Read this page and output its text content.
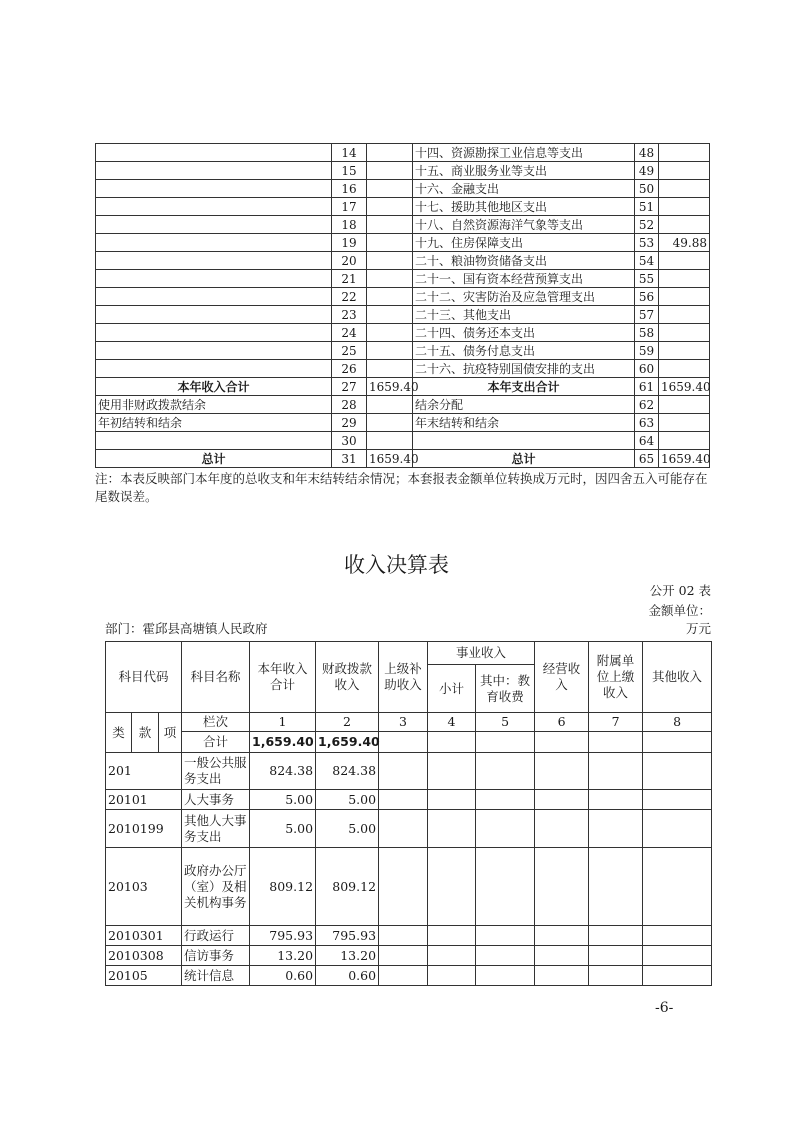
	14		十四、资源勘探工业信息等支出	48	
	15		十五、商业服务业等支出	49	
	16		十六、金融支出	50	
	17		十七、援助其他地区支出	51	
	18		十八、自然资源海洋气象等支出	52	
	19		十九、住房保障支出	53	49.88
	20		二十、粮油物资储备支出	54	
	21		二十一、国有资本经营预算支出	55	
	22		二十二、灾害防治及应急管理支出	56	
	23		二十三、其他支出	57	
	24		二十四、债务还本支出	58	
	25		二十五、债务付息支出	59	
	26		二十六、抗疫特别国债安排的支出	60	
本年收入合计	27	1659.40	本年支出合计	61	1659.40
使用非财政拨款结余	28		结余分配	62	
年初结转和结余	29		年末结转和结余	63	
	30			64	
总计	31	1659.40	总计	65	1659.40
注：本表反映部门本年度的总收支和年末结转结余情况；本套报表金额单位转换成万元时，因四舍五入可能存在尾数误差。
收入决算表
公开 02 表
金额单位：
部门：霍邱县高塘镇人民政府	万元
科目代码			科目名称	本年收入合计	财政拨款收入	上级补助收入	事业收入		经营收入	附属单位上缴收入	其他收入
							小计	其中：教育收费			
类	款	项	栏次	1	2	3	4	5	6	7	8
			合计	1,659.40	1,659.40						
201			一般公共服务支出	824.38	824.38						
20101			人大事务	5.00	5.00						
2010199			其他人大事务支出	5.00	5.00						
20103			政府办公厅（室）及相关机构事务	809.12	809.12						
2010301			行政运行	795.93	795.93						
2010308			信访事务	13.20	13.20						
20105			统计信息	0.60	0.60						
-6-
